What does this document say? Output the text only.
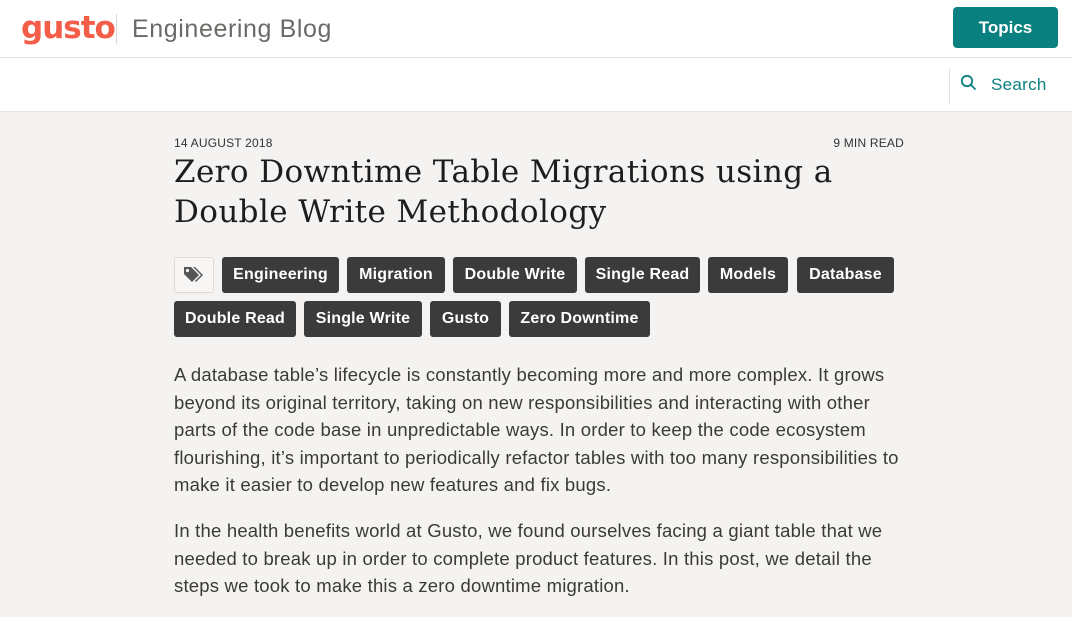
gusto Engineering Blog	Topics
Search
14 AUGUST 2018	9 MIN READ
Zero Downtime Table Migrations using a Double Write Methodology
Engineering	Migration	Double Write	Single Read	Models	Database
Double Read	Single Write	Gusto	Zero Downtime

A database table’s lifecycle is constantly becoming more and more complex. It grows beyond its original territory, taking on new responsibilities and interacting with other parts of the code base in unpredictable ways. In order to keep the code ecosystem flourishing, it’s important to periodically refactor tables with too many responsibilities to make it easier to develop new features and fix bugs.

In the health benefits world at Gusto, we found ourselves facing a giant table that we needed to break up in order to complete product features. In this post, we detail the steps we took to make this a zero downtime migration.
